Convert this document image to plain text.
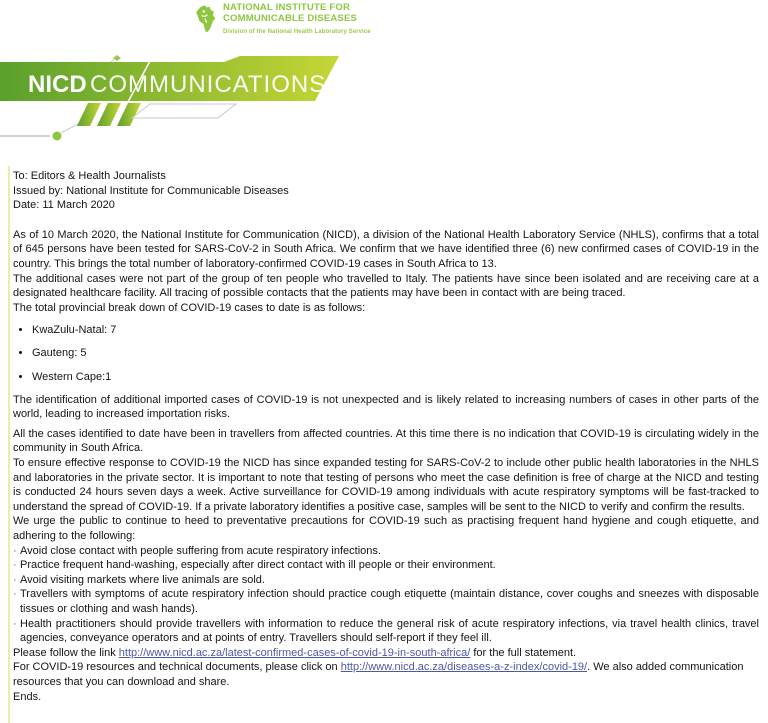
NATIONAL INSTITUTE FOR
COMMUNICABLE DISEASES
Division of the National Health Laboratory Service
NICD COMMUNICATIONS

To: Editors & Health Journalists

Issued by: National Institute for Communicable Diseases

Date: 11 March 2020

As of 10 March 2020, the National Institute for Communication (NICD), a division of the National Health Laboratory Service (NHLS), confirms that a total of 645 persons have been tested for SARS-CoV-2 in South Africa. We confirm that we have identified three (6) new confirmed cases of COVID-19 in the country. This brings the total number of laboratory-confirmed COVID-19 cases in South Africa to 13.

The additional cases were not part of the group of ten people who travelled to Italy. The patients have since been isolated and are receiving care at a designated healthcare facility. All tracing of possible contacts that the patients may have been in contact with are being traced.

The total provincial break down of COVID-19 cases to date is as follows:

• KwaZulu-Natal: 7
• Gauteng: 5
• Western Cape:1

The identification of additional imported cases of COVID-19 is not unexpected and is likely related to increasing numbers of cases in other parts of the world, leading to increased importation risks.

All the cases identified to date have been in travellers from affected countries. At this time there is no indication that COVID-19 is circulating widely in the community in South Africa.

To ensure effective response to COVID-19 the NICD has since expanded testing for SARS-CoV-2 to include other public health laboratories in the NHLS and laboratories in the private sector. It is important to note that testing of persons who meet the case definition is free of charge at the NICD and testing is conducted 24 hours seven days a week. Active surveillance for COVID-19 among individuals with acute respiratory symptoms will be fast-tracked to understand the spread of COVID-19. If a private laboratory identifies a positive case, samples will be sent to the NICD to verify and confirm the results.

We urge the public to continue to heed to preventative precautions for COVID-19 such as practising frequent hand hygiene and cough etiquette, and adhering to the following:

· Avoid close contact with people suffering from acute respiratory infections.
· Practice frequent hand-washing, especially after direct contact with ill people or their environment.
· Avoid visiting markets where live animals are sold.
· Travellers with symptoms of acute respiratory infection should practice cough etiquette (maintain distance, cover coughs and sneezes with disposable tissues or clothing and wash hands).
· Health practitioners should provide travellers with information to reduce the general risk of acute respiratory infections, via travel health clinics, travel agencies, conveyance operators and at points of entry. Travellers should self-report if they feel ill.

Please follow the link http://www.nicd.ac.za/latest-confirmed-cases-of-covid-19-in-south-africa/ for the full statement.

For COVID-19 resources and technical documents, please click on http://www.nicd.ac.za/diseases-a-z-index/covid-19/. We also added communication resources that you can download and share.

Ends.
